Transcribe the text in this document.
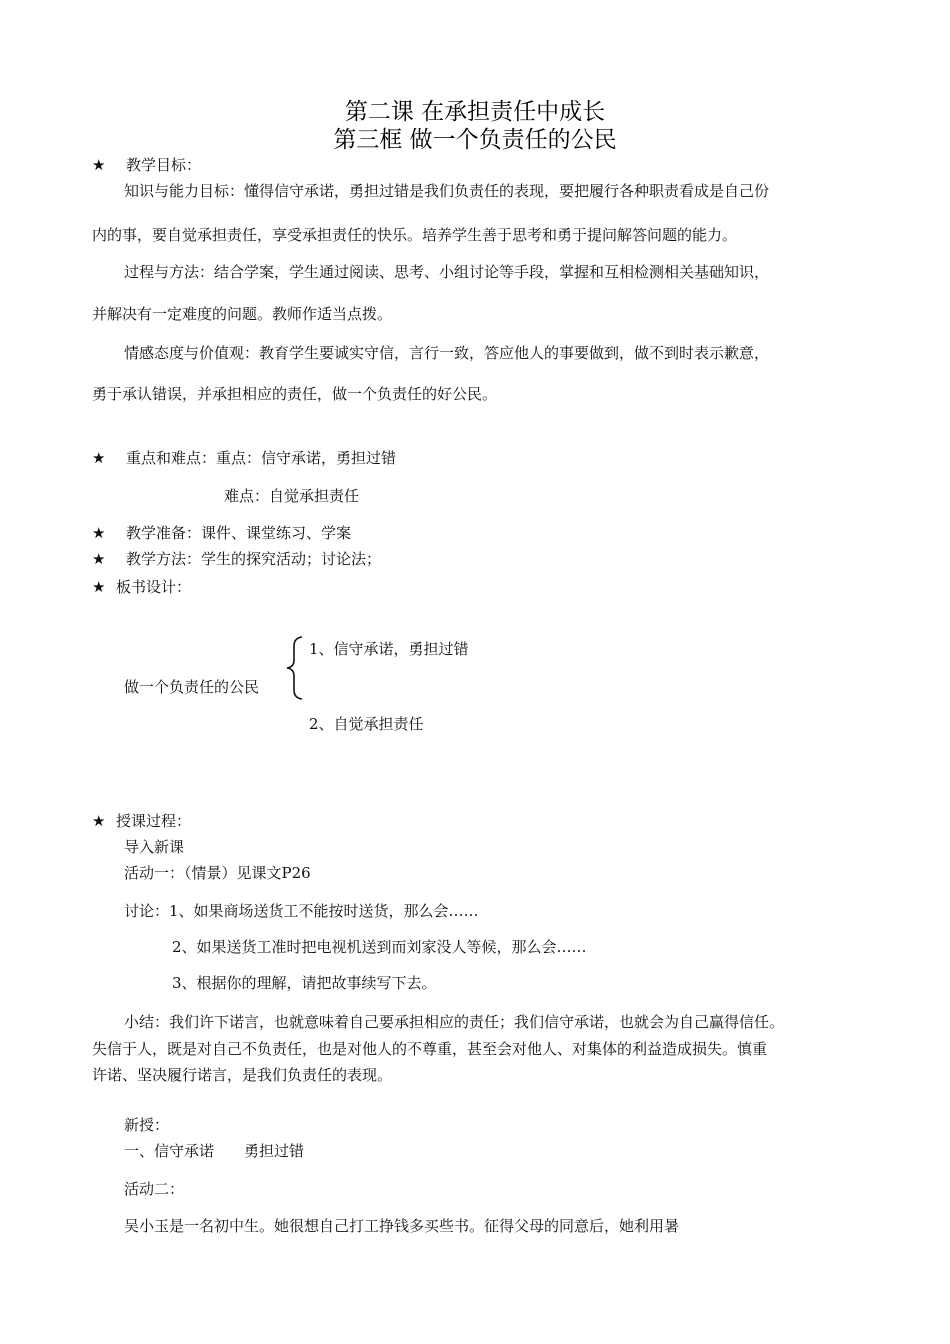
第二课 在承担责任中成长
第三框 做一个负责任的公民
★ 教学目标：
知识与能力目标：懂得信守承诺，勇担过错是我们负责任的表现，要把履行各种职责看成是自己份
内的事，要自觉承担责任，享受承担责任的快乐。培养学生善于思考和勇于提问解答问题的能力。
过程与方法：结合学案，学生通过阅读、思考、小组讨论等手段，掌握和互相检测相关基础知识，
并解决有一定难度的问题。教师作适当点拨。
情感态度与价值观：教育学生要诚实守信，言行一致，答应他人的事要做到，做不到时表示歉意，
勇于承认错误，并承担相应的责任，做一个负责任的好公民。
★ 重点和难点：重点：信守承诺，勇担过错
难点：自觉承担责任
★ 教学准备：课件、课堂练习、学案
★ 教学方法：学生的探究活动；讨论法；
★ 板书设计：
1、信守承诺，勇担过错
做一个负责任的公民
2、自觉承担责任
★ 授课过程：
导入新课
活动一：（情景）见课文P26
讨论：1、如果商场送货工不能按时送货，那么会……
2、如果送货工准时把电视机送到而刘家没人等候，那么会……
3、根据你的理解，请把故事续写下去。
小结：我们许下诺言，也就意味着自己要承担相应的责任；我们信守承诺，也就会为自己赢得信任。
失信于人，既是对自己不负责任，也是对他人的不尊重，甚至会对他人、对集体的利益造成损失。慎重
许诺、坚决履行诺言，是我们负责任的表现。
新授：
一、信守承诺　　勇担过错
活动二：
吴小玉是一名初中生。她很想自己打工挣钱多买些书。征得父母的同意后，她利用暑
